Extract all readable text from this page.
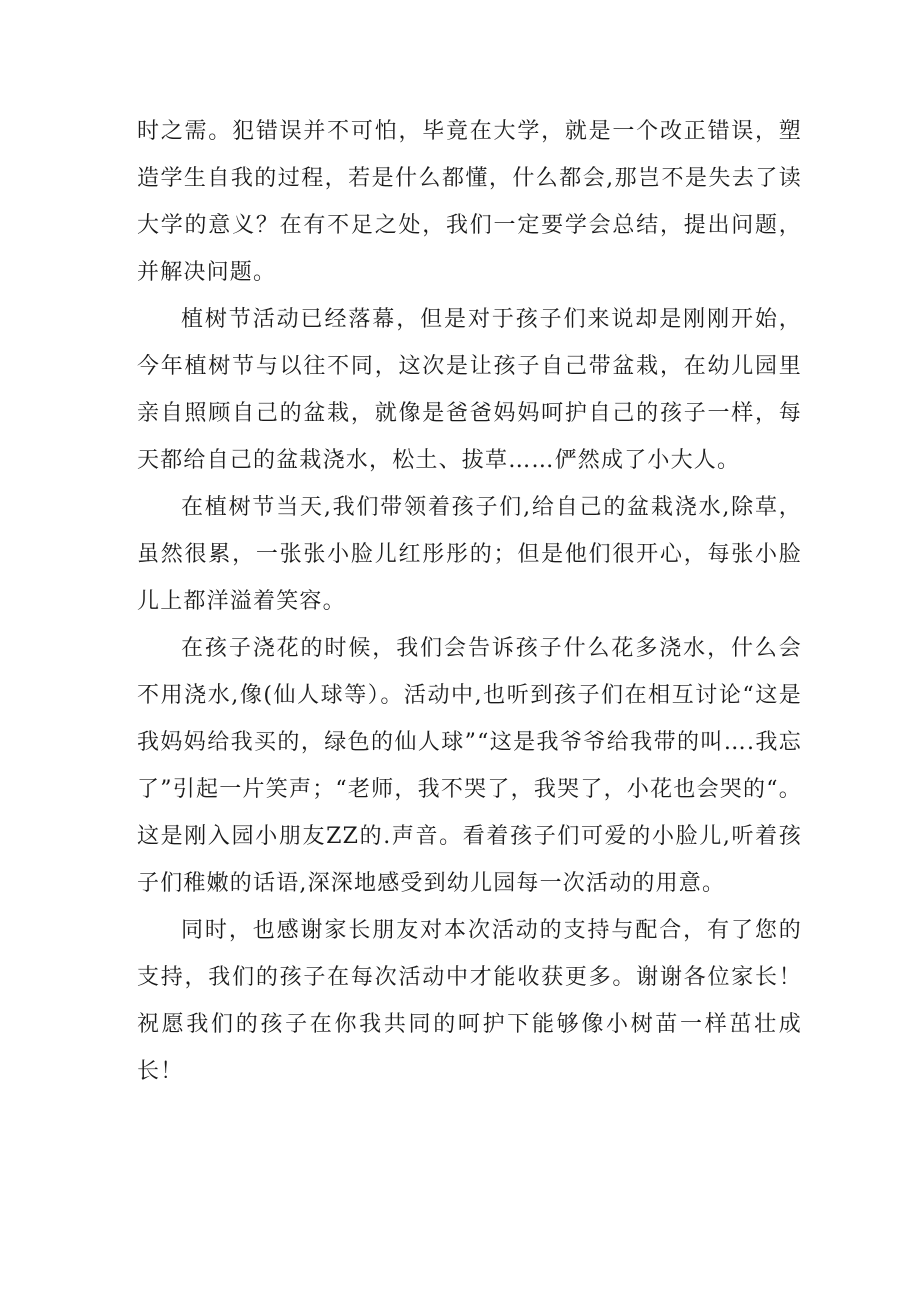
时之需。犯错误并不可怕，毕竟在大学，就是一个改正错误，塑造学生自我的过程，若是什么都懂，什么都会,那岂不是失去了读大学的意义？在有不足之处，我们一定要学会总结，提出问题，并解决问题。

植树节活动已经落幕，但是对于孩子们来说却是刚刚开始，今年植树节与以往不同，这次是让孩子自己带盆栽，在幼儿园里亲自照顾自己的盆栽，就像是爸爸妈妈呵护自己的孩子一样，每天都给自己的盆栽浇水，松土、拔草……俨然成了小大人。

在植树节当天,我们带领着孩子们,给自己的盆栽浇水,除草，虽然很累，一张张小脸儿红彤彤的；但是他们很开心，每张小脸儿上都洋溢着笑容。

在孩子浇花的时候，我们会告诉孩子什么花多浇水，什么会不用浇水,像(仙人球等）。活动中,也听到孩子们在相互讨论“这是我妈妈给我买的，绿色的仙人球”“这是我爷爷给我带的叫….我忘了”引起一片笑声；“老师，我不哭了，我哭了，小花也会哭的“。这是刚入园小朋友ZZ的.声音。看着孩子们可爱的小脸儿,听着孩子们稚嫩的话语,深深地感受到幼儿园每一次活动的用意。

同时，也感谢家长朋友对本次活动的支持与配合，有了您的支持，我们的孩子在每次活动中才能收获更多。谢谢各位家长！祝愿我们的孩子在你我共同的呵护下能够像小树苗一样茁壮成长！
